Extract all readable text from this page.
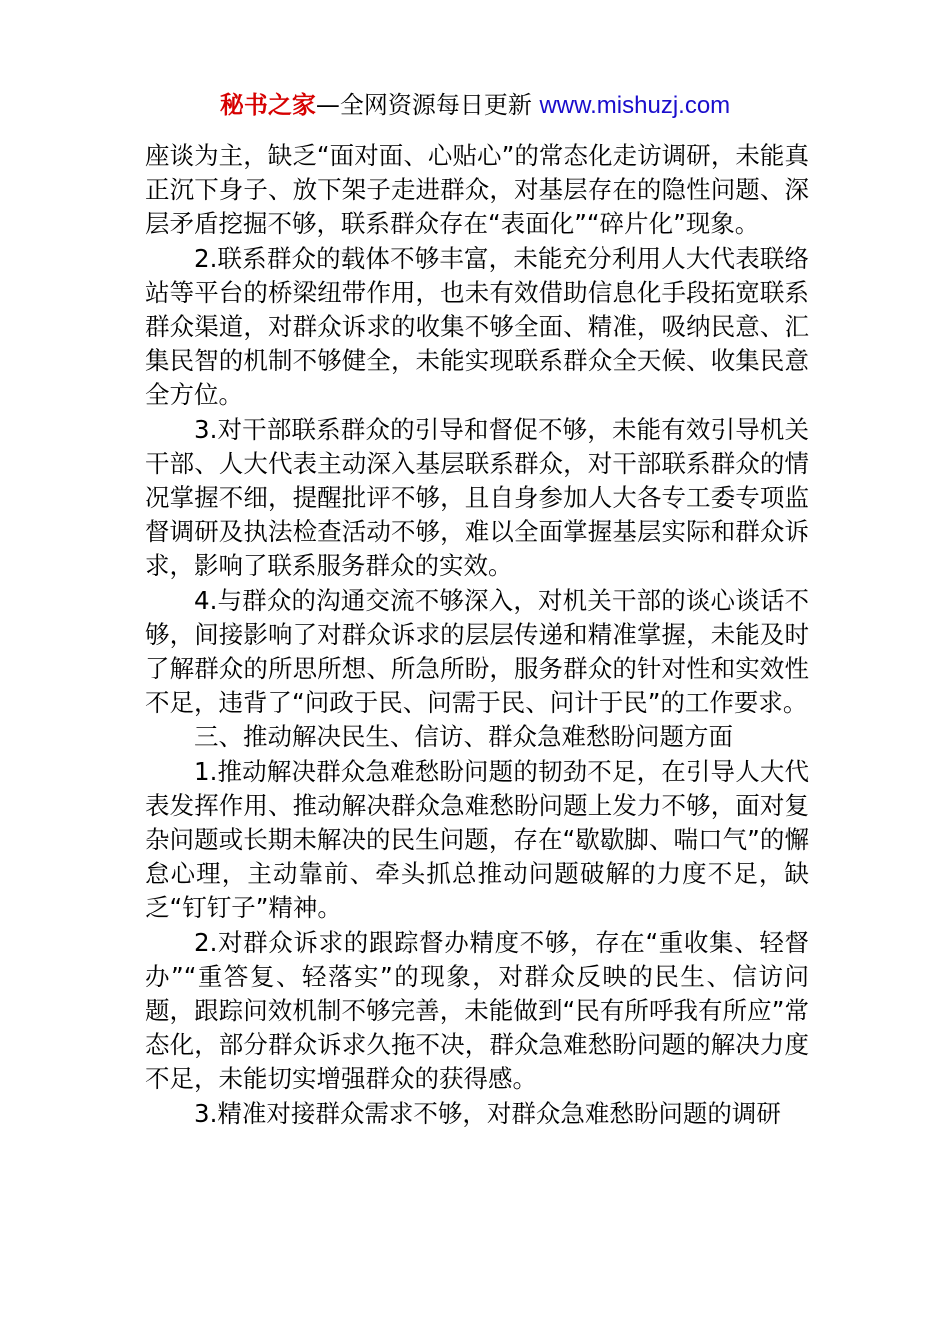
秘书之家—全网资源每日更新 www.mishuzj.com

座谈为主，缺乏“面对面、心贴心”的常态化走访调研，未能真正沉下身子、放下架子走进群众，对基层存在的隐性问题、深层矛盾挖掘不够，联系群众存在“表面化”“碎片化”现象。

2.联系群众的载体不够丰富，未能充分利用人大代表联络站等平台的桥梁纽带作用，也未有效借助信息化手段拓宽联系群众渠道，对群众诉求的收集不够全面、精准，吸纳民意、汇集民智的机制不够健全，未能实现联系群众全天候、收集民意全方位。

3.对干部联系群众的引导和督促不够，未能有效引导机关干部、人大代表主动深入基层联系群众，对干部联系群众的情况掌握不细，提醒批评不够，且自身参加人大各专工委专项监督调研及执法检查活动不够，难以全面掌握基层实际和群众诉求，影响了联系服务群众的实效。

4.与群众的沟通交流不够深入，对机关干部的谈心谈话不够，间接影响了对群众诉求的层层传递和精准掌握，未能及时了解群众的所思所想、所急所盼，服务群众的针对性和实效性不足，违背了“问政于民、问需于民、问计于民”的工作要求。

三、推动解决民生、信访、群众急难愁盼问题方面

1.推动解决群众急难愁盼问题的韧劲不足，在引导人大代表发挥作用、推动解决群众急难愁盼问题上发力不够，面对复杂问题或长期未解决的民生问题，存在“歇歇脚、喘口气”的懈怠心理，主动靠前、牵头抓总推动问题破解的力度不足，缺乏“钉钉子”精神。

2.对群众诉求的跟踪督办精度不够，存在“重收集、轻督办”“重答复、轻落实”的现象，对群众反映的民生、信访问题，跟踪问效机制不够完善，未能做到“民有所呼我有所应”常态化，部分群众诉求久拖不决，群众急难愁盼问题的解决力度不足，未能切实增强群众的获得感。

3.精准对接群众需求不够，对群众急难愁盼问题的调研
